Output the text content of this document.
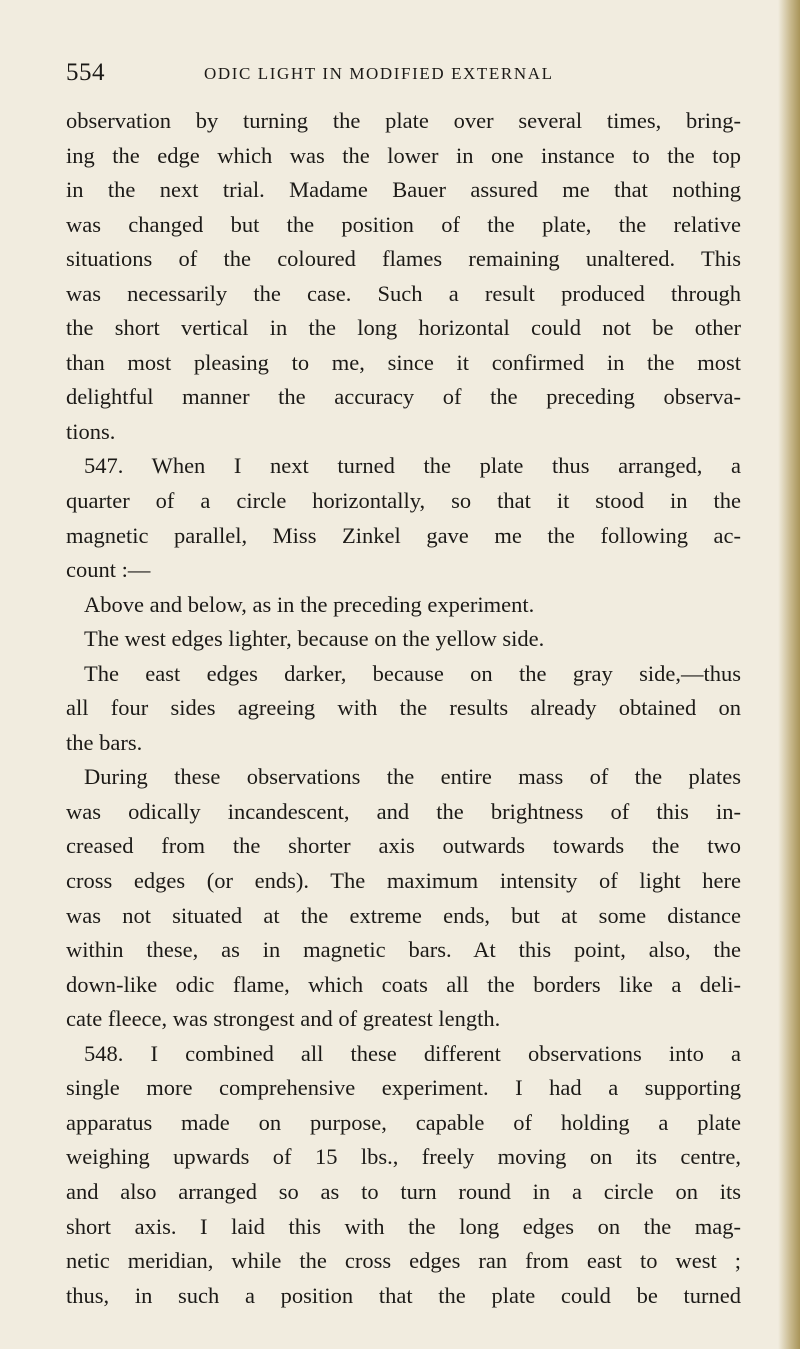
554	ODIC LIGHT IN MODIFIED EXTERNAL
observation by turning the plate over several times, bring-
ing the edge which was the lower in one instance to the top
in the next trial. Madame Bauer assured me that nothing
was changed but the position of the plate, the relative
situations of the coloured flames remaining unaltered. This
was necessarily the case. Such a result produced through
the short vertical in the long horizontal could not be other
than most pleasing to me, since it confirmed in the most
delightful manner the accuracy of the preceding observa-
tions.
547. When I next turned the plate thus arranged, a
quarter of a circle horizontally, so that it stood in the
magnetic parallel, Miss Zinkel gave me the following ac-
count :—
Above and below, as in the preceding experiment.
The west edges lighter, because on the yellow side.
The east edges darker, because on the gray side,—thus
all four sides agreeing with the results already obtained on
the bars.
During these observations the entire mass of the plates
was odically incandescent, and the brightness of this in-
creased from the shorter axis outwards towards the two
cross edges (or ends). The maximum intensity of light here
was not situated at the extreme ends, but at some distance
within these, as in magnetic bars. At this point, also, the
down-like odic flame, which coats all the borders like a deli-
cate fleece, was strongest and of greatest length.
548. I combined all these different observations into a
single more comprehensive experiment. I had a supporting
apparatus made on purpose, capable of holding a plate
weighing upwards of 15 lbs., freely moving on its centre,
and also arranged so as to turn round in a circle on its
short axis. I laid this with the long edges on the mag-
netic meridian, while the cross edges ran from east to west ;
thus, in such a position that the plate could be turned
